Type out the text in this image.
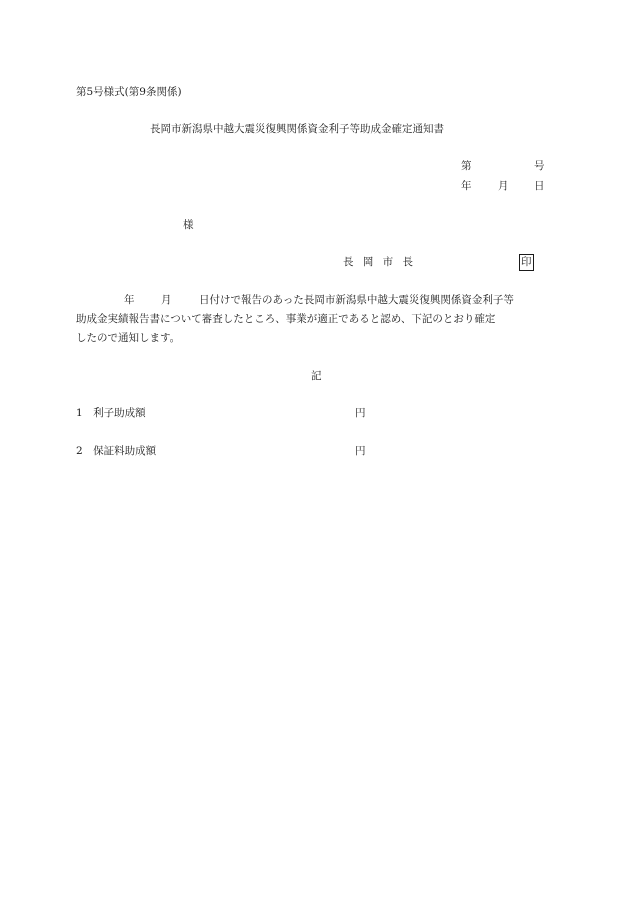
第5号様式(第9条関係)
長岡市新潟県中越大震災復興関係資金利子等助成金確定通知書
第	号
年	月 日
様
長 岡 市 長	印
年	月	日付けで報告のあった長岡市新潟県中越大震災復興関係資金利子等
助成金実績報告書について審査したところ、事業が適正であると認め、下記のとおり確定
したので通知します。
記
1　利子助成額	円
2　保証料助成額	円
